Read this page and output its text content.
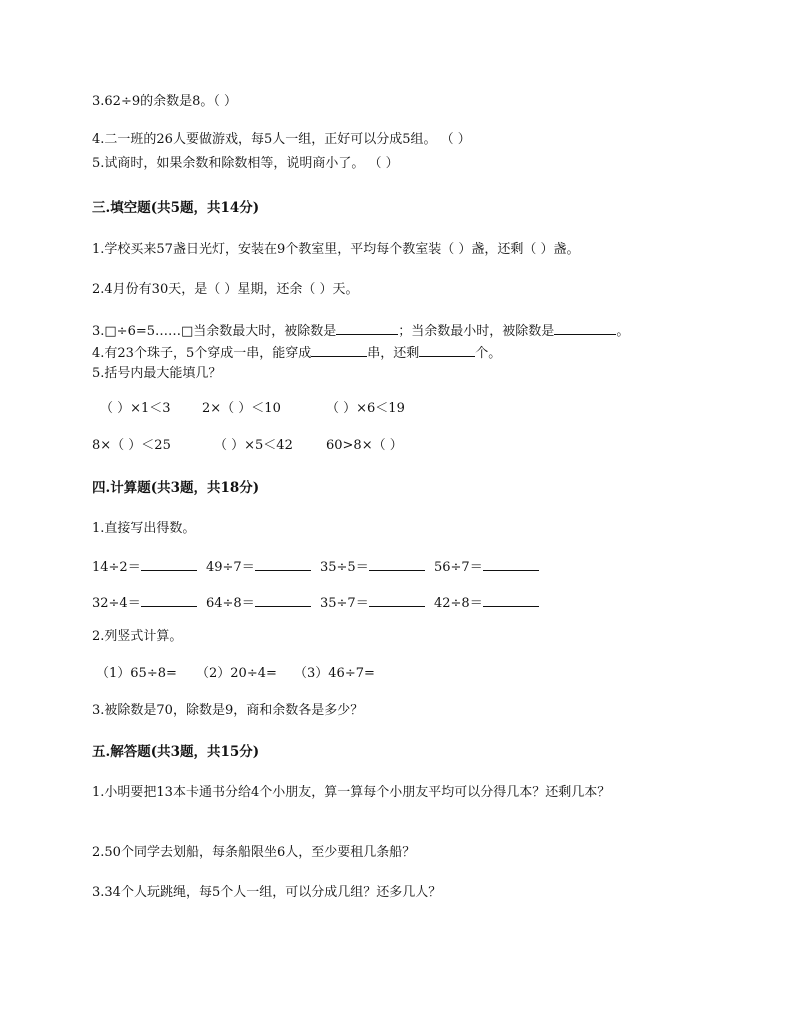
3.62÷9的余数是8。（ ）
4.二一班的26人要做游戏，每5人一组，正好可以分成5组。 （ ）
5.试商时，如果余数和除数相等，说明商小了。 （ ）
三.填空题(共5题，共14分)
1.学校买来57盏日光灯，安装在9个教室里，平均每个教室装（ ）盏，还剩（ ）盏。
2.4月份有30天，是（ ）星期，还余（ ）天。
3.□÷6=5……□当余数最大时，被除数是	；当余数最小时，被除数是	。
4.有23个珠子，5个穿成一串，能穿成	串，还剩	个。
5.括号内最大能填几？
（ ）×1＜3 2×（ ）＜10	（ ）×6＜19
8×（ ）＜25	（ ）×5＜42	60>8×（ ）
四.计算题(共3题，共18分)
1.直接写出得数。
14÷2＝	49÷7＝	35÷5＝	56÷7＝
32÷4＝	64÷8＝	35÷7＝	42÷8＝
2.列竖式计算。
（1）65÷8= （2）20÷4= （3）46÷7=
3.被除数是70，除数是9，商和余数各是多少？
五.解答题(共3题，共15分)
1.小明要把13本卡通书分给4个小朋友，算一算每个小朋友平均可以分得几本？还剩几本？
2.50个同学去划船，每条船限坐6人，至少要租几条船？
3.34个人玩跳绳，每5个人一组，可以分成几组？还多几人？
